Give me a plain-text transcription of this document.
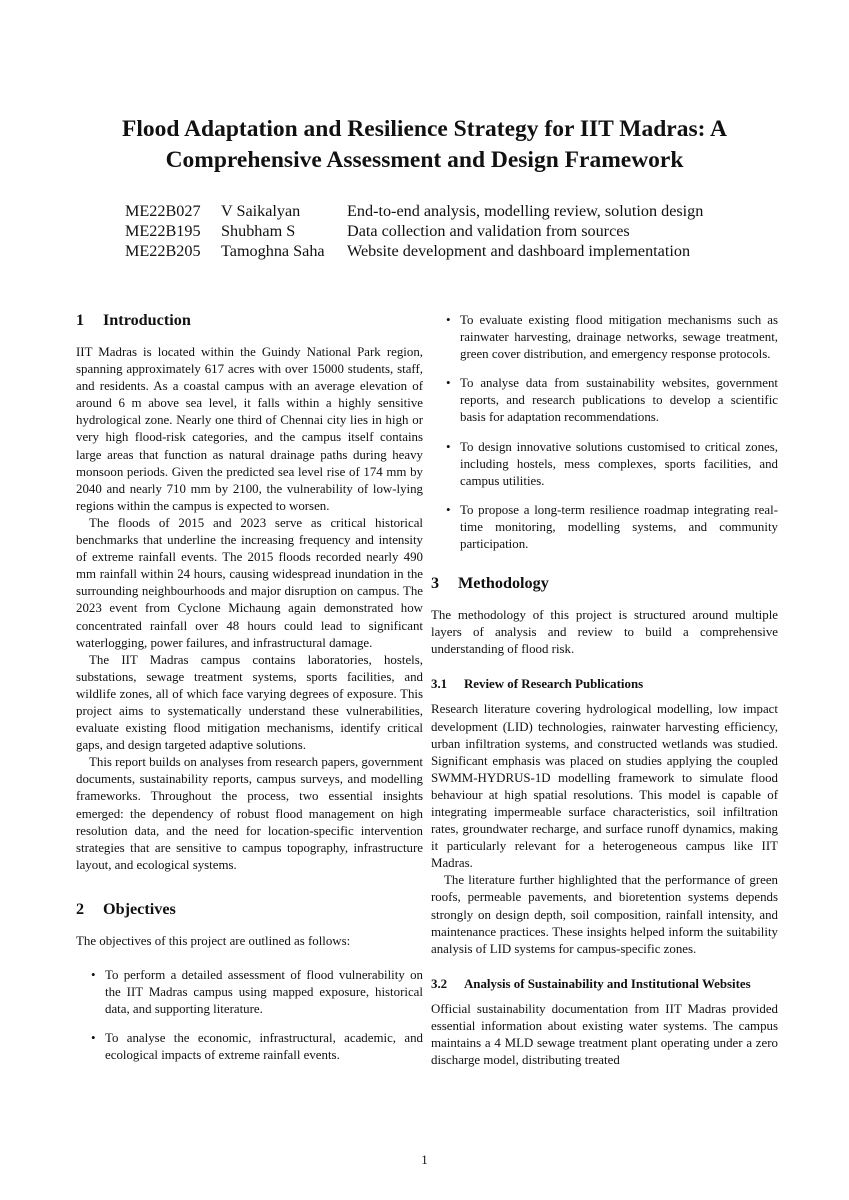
Flood Adaptation and Resilience Strategy for IIT Madras: A Comprehensive Assessment and Design Framework
ME22B027	V Saikalyan	End-to-end analysis, modelling review, solution design
ME22B195	Shubham S	Data collection and validation from sources
ME22B205	Tamoghna Saha	Website development and dashboard implementation
1 Introduction

IIT Madras is located within the Guindy National Park region, spanning approximately 617 acres with over 15000 students, staff, and residents. As a coastal campus with an average elevation of around 6 m above sea level, it falls within a highly sensitive hydrological zone. Nearly one third of Chennai city lies in high or very high flood-risk categories, and the campus itself contains large areas that function as natural drainage paths during heavy monsoon periods. Given the predicted sea level rise of 174 mm by 2040 and nearly 710 mm by 2100, the vulnerability of low-lying regions within the campus is expected to worsen.

The floods of 2015 and 2023 serve as critical historical benchmarks that underline the increasing frequency and intensity of extreme rainfall events. The 2015 floods recorded nearly 490 mm rainfall within 24 hours, causing widespread inundation in the surrounding neighbourhoods and major disruption on campus. The 2023 event from Cyclone Michaung again demonstrated how concentrated rainfall over 48 hours could lead to significant waterlogging, power failures, and infrastructural damage.

The IIT Madras campus contains laboratories, hostels, substations, sewage treatment systems, sports facilities, and wildlife zones, all of which face varying degrees of exposure. This project aims to systematically understand these vulnerabilities, evaluate existing flood mitigation mechanisms, identify critical gaps, and design targeted adaptive solutions.

This report builds on analyses from research papers, government documents, sustainability reports, campus surveys, and modelling frameworks. Throughout the process, two essential insights emerged: the dependency of robust flood management on high resolution data, and the need for location-specific intervention strategies that are sensitive to campus topography, infrastructure layout, and ecological systems.

2 Objectives

The objectives of this project are outlined as follows:

• To perform a detailed assessment of flood vulnerability on the IIT Madras campus using mapped exposure, historical data, and supporting literature.
• To analyse the economic, infrastructural, academic, and ecological impacts of extreme rainfall events.
• To evaluate existing flood mitigation mechanisms such as rainwater harvesting, drainage networks, sewage treatment, green cover distribution, and emergency response protocols.
• To analyse data from sustainability websites, government reports, and research publications to develop a scientific basis for adaptation recommendations.
• To design innovative solutions customised to critical zones, including hostels, mess complexes, sports facilities, and campus utilities.
• To propose a long-term resilience roadmap integrating real-time monitoring, modelling systems, and community participation.
3 Methodology

The methodology of this project is structured around multiple layers of analysis and review to build a comprehensive understanding of flood risk.

3.1	Review of Research Publications

Research literature covering hydrological modelling, low impact development (LID) technologies, rainwater harvesting efficiency, urban infiltration systems, and constructed wetlands was studied. Significant emphasis was placed on studies applying the coupled SWMM-HYDRUS-1D modelling framework to simulate flood behaviour at high spatial resolutions. This model is capable of integrating impermeable surface characteristics, soil infiltration rates, groundwater recharge, and surface runoff dynamics, making it particularly relevant for a heterogeneous campus like IIT Madras.

The literature further highlighted that the performance of green roofs, permeable pavements, and bioretention systems depends strongly on design depth, soil composition, rainfall intensity, and maintenance practices. These insights helped inform the suitability analysis of LID systems for campus-specific zones.

3.2	Analysis of Sustainability and Institutional Websites

Official sustainability documentation from IIT Madras provided essential information about existing water systems. The campus maintains a 4 MLD sewage treatment plant operating under a zero discharge model, distributing treated

1
